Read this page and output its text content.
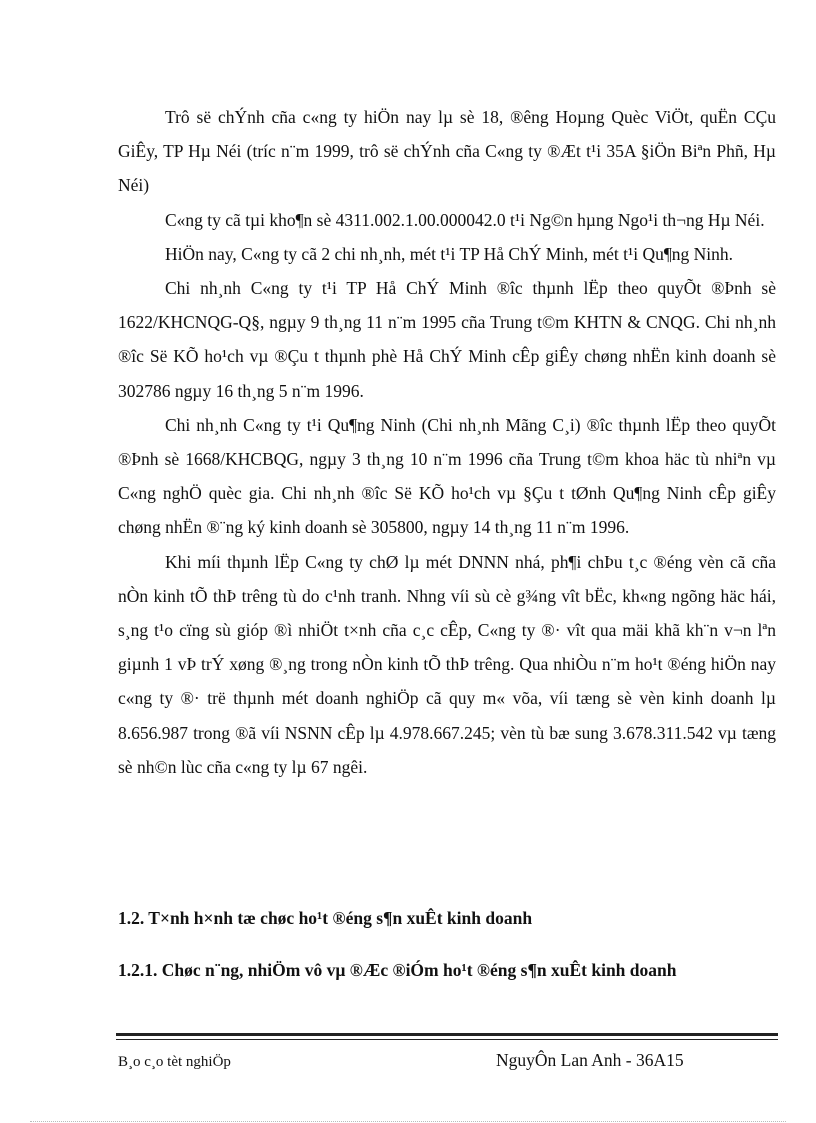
Trô së chÝnh cña c«ng ty hiÖn nay lµ sè 18, ®êng Hoµng Quèc ViÖt, quËn CÇu GiÊy, TP Hµ Néi (tríc n¨m 1999, trô së chÝnh cña C«ng ty ®Æt t¹i 35A §iÖn Biªn Phñ, Hµ Néi)

C«ng ty cã tµi kho¶n sè 4311.002.1.00.000042.0 t¹i Ng©n hµng Ngo¹i th¬ng Hµ Néi.

HiÖn nay, C«ng ty cã 2 chi nh¸nh, mét t¹i TP Hå ChÝ Minh, mét t¹i Qu¶ng Ninh.

Chi nh¸nh C«ng ty t¹i TP Hå ChÝ Minh ®îc thµnh lËp theo quyÕt ®Þnh sè 1622/KHCNQG-Q§, ngµy 9 th¸ng 11 n¨m 1995 cña Trung t©m KHTN & CNQG. Chi nh¸nh ®îc Së KÕ ho¹ch vµ ®Çu t thµnh phè Hå ChÝ Minh cÊp giÊy chøng nhËn kinh doanh sè 302786 ngµy 16 th¸ng 5 n¨m 1996.

Chi nh¸nh C«ng ty t¹i Qu¶ng Ninh (Chi nh¸nh Mãng C¸i) ®îc thµnh lËp theo quyÕt ®Þnh sè 1668/KHCBQG, ngµy 3 th¸ng 10 n¨m 1996 cña Trung t©m khoa häc tù nhiªn vµ C«ng nghÖ quèc gia. Chi nh¸nh ®îc Së KÕ ho¹ch vµ §Çu t tØnh Qu¶ng Ninh cÊp giÊy chøng nhËn ®¨ng ký kinh doanh sè 305800, ngµy 14 th¸ng 11 n¨m 1996.

Khi míi thµnh lËp C«ng ty chØ lµ mét DNNN nhá, ph¶i chÞu t¸c ®éng vèn cã cña nÒn kinh tÕ thÞ trêng tù do c¹nh tranh. Nhng víi sù cè g¾ng vît bËc, kh«ng ngõng häc hái, s¸ng t¹o cïng sù gióp ®ì nhiÖt t×nh cña c¸c cÊp, C«ng ty ®· vît qua mäi khã kh¨n v¬n lªn giµnh 1 vÞ trÝ xøng ®¸ng trong nÒn kinh tÕ thÞ trêng. Qua nhiÒu n¨m ho¹t ®éng hiÖn nay c«ng ty ®· trë thµnh mét doanh nghiÖp cã quy m« võa, víi tæng sè vèn kinh doanh lµ 8.656.987 trong ®ã víi NSNN cÊp lµ 4.978.667.245; vèn tù bæ sung 3.678.311.542 vµ tæng sè nh©n lùc cña c«ng ty lµ 67 ngêi.

1.2. T×nh h×nh tæ chøc ho¹t ®éng s¶n xuÊt kinh doanh
1.2.1. Chøc n¨ng, nhiÖm vô vµ ®Æc ®iÓm ho¹t ®éng s¶n xuÊt kinh doanh
B¸o c¸o tèt nghiÖp	NguyÔn Lan Anh - 36A15
